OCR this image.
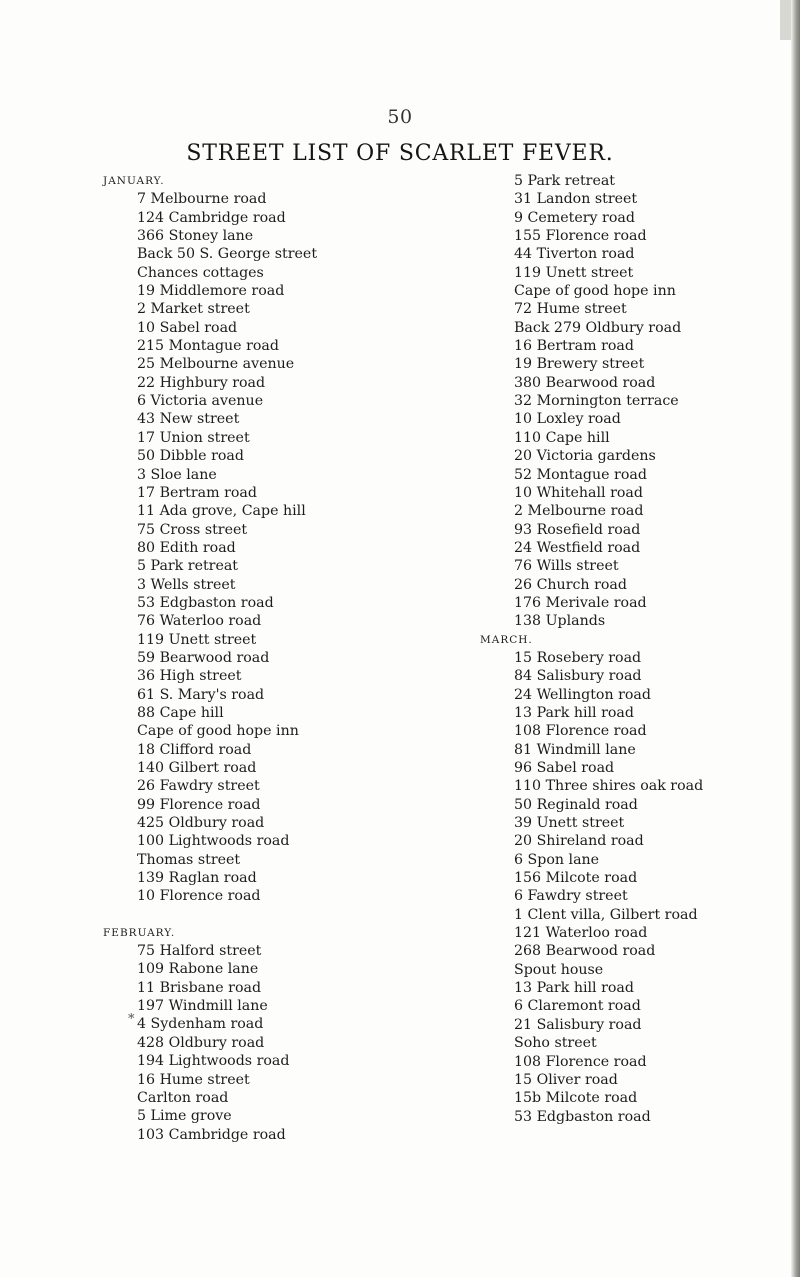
50
STREET LIST OF SCARLET FEVER.
JANUARY.
7 Melbourne road
124 Cambridge road
366 Stoney lane
Back 50 S. George street
Chances cottages
19 Middlemore road
2 Market street
10 Sabel road
215 Montague road
25 Melbourne avenue
22 Highbury road
6 Victoria avenue
43 New street
17 Union street
50 Dibble road
3 Sloe lane
17 Bertram road
11 Ada grove, Cape hill
75 Cross street
80 Edith road
5 Park retreat
3 Wells street
53 Edgbaston road
76 Waterloo road
119 Unett street
59 Bearwood road
36 High street
61 S. Mary's road
88 Cape hill
Cape of good hope inn
18 Clifford road
140 Gilbert road
26 Fawdry street
99 Florence road
425 Oldbury road
100 Lightwoods road
Thomas street
139 Raglan road
10 Florence road
FEBRUARY.
75 Halford street
109 Rabone lane
11 Brisbane road
197 Windmill lane
4 Sydenham road
428 Oldbury road
194 Lightwoods road
16 Hume street
Carlton road
5 Lime grove
103 Cambridge road
*
5 Park retreat
31 Landon street
9 Cemetery road
155 Florence road
44 Tiverton road
119 Unett street
Cape of good hope inn
72 Hume street
Back 279 Oldbury road
16 Bertram road
19 Brewery street
380 Bearwood road
32 Mornington terrace
10 Loxley road
110 Cape hill
20 Victoria gardens
52 Montague road
10 Whitehall road
2 Melbourne road
93 Rosefield road
24 Westfield road
76 Wills street
26 Church road
176 Merivale road
138 Uplands
MARCH.
15 Rosebery road
84 Salisbury road
24 Wellington road
13 Park hill road
108 Florence road
81 Windmill lane
96 Sabel road
110 Three shires oak road
50 Reginald road
39 Unett street
20 Shireland road
6 Spon lane
156 Milcote road
6 Fawdry street
1 Clent villa, Gilbert road
121 Waterloo road
268 Bearwood road
Spout house
13 Park hill road
6 Claremont road
21 Salisbury road
Soho street
108 Florence road
15 Oliver road
15b Milcote road
53 Edgbaston road
